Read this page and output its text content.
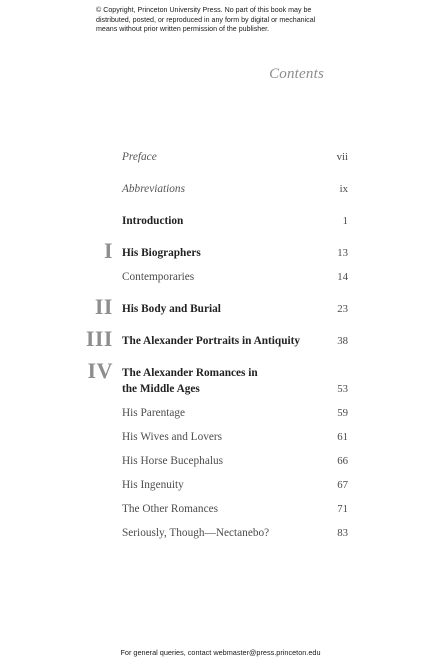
© Copyright, Princeton University Press. No part of this book may be
distributed, posted, or reproduced in any form by digital or mechanical
means without prior written permission of the publisher.
Contents
Preface	vii
Abbreviations	ix
Introduction	1
I His Biographers	13
Contemporaries	14
II His Body and Burial	23
III The Alexander Portraits in Antiquity	38
IV The Alexander Romances in
the Middle Ages	53
His Parentage	59
His Wives and Lovers	61
His Horse Bucephalus	66
His Ingenuity	67
The Other Romances	71
Seriously, Though—Nectanebo?	83
For general queries, contact webmaster@press.princeton.edu
